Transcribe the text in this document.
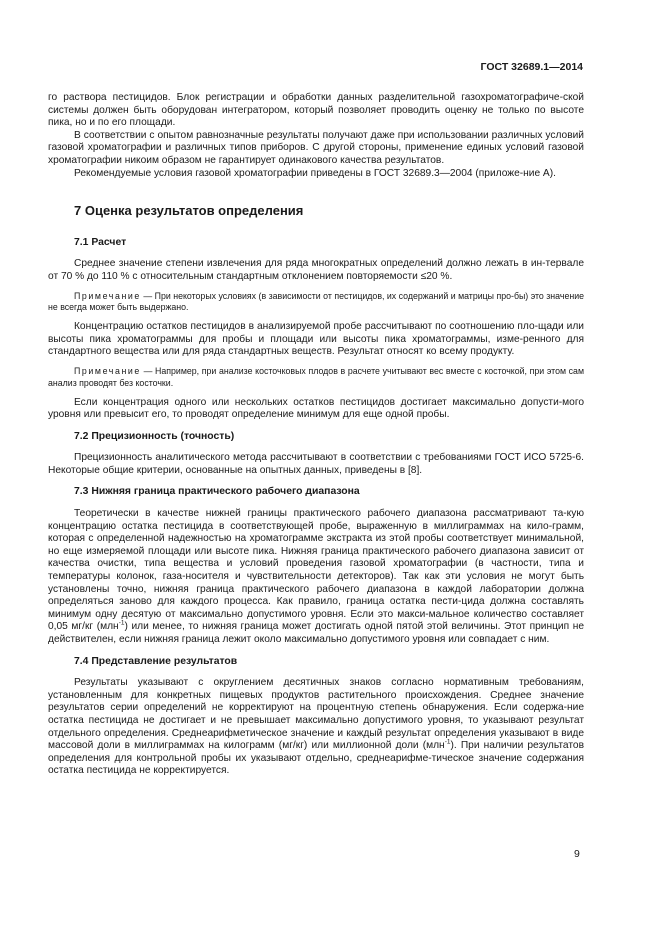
ГОСТ 32689.1—2014

го раствора пестицидов. Блок регистрации и обработки данных разделительной газохроматографиче-ской системы должен быть оборудован интегратором, который позволяет проводить оценку не только по высоте пика, но и по его площади.

В соответствии с опытом равнозначные результаты получают даже при использовании различных условий газовой хроматографии и различных типов приборов. С другой стороны, применение единых условий газовой хроматографии никоим образом не гарантирует одинакового качества результатов.

Рекомендуемые условия газовой хроматографии приведены в ГОСТ 32689.3—2004 (приложе-ние А).

7 Оценка результатов определения
7.1 Расчет

Среднее значение степени извлечения для ряда многократных определений должно лежать в ин-тервале от 70 % до 110 % с относительным стандартным отклонением повторяемости ≤20 %.

Примечание — При некоторых условиях (в зависимости от пестицидов, их содержаний и матрицы про-бы) это значение не всегда может быть выдержано.

Концентрацию остатков пестицидов в анализируемой пробе рассчитывают по соотношению пло-щади или высоты пика хроматограммы для пробы и площади или высоты пика хроматограммы, изме-ренного для стандартного вещества или для ряда стандартных веществ. Результат относят ко всему продукту.

Примечание — Например, при анализе косточковых плодов в расчете учитывают вес вместе с косточкой, при этом сам анализ проводят без косточки.

Если концентрация одного или нескольких остатков пестицидов достигает максимально допусти-мого уровня или превысит его, то проводят определение минимум для еще одной пробы.

7.2 Прецизионность (точность)

Прецизионность аналитического метода рассчитывают в соответствии с требованиями ГОСТ ИСО 5725-6. Некоторые общие критерии, основанные на опытных данных, приведены в [8].

7.3 Нижняя граница практического рабочего диапазона

Теоретически в качестве нижней границы практического рабочего диапазона рассматривают та-кую концентрацию остатка пестицида в соответствующей пробе, выраженную в миллиграммах на кило-грамм, которая с определенной надежностью на хроматограмме экстракта из этой пробы соответствует минимальной, но еще измеряемой площади или высоте пика. Нижняя граница практического рабочего диапазона зависит от качества очистки, типа вещества и условий проведения газовой хроматографии (в частности, типа и температуры колонок, газа-носителя и чувствительности детекторов). Так как эти условия не могут быть установлены точно, нижняя граница практического рабочего диапазона в каждой лаборатории должна определяться заново для каждого процесса. Как правило, граница остатка пести-цида должна составлять минимум одну десятую от максимально допустимого уровня. Если это макси-мальное количество составляет 0,05 мг/кг (млн$^{-1}$) или менее, то нижняя граница может достигать одной пятой этой величины. Этот принцип не действителен, если нижняя граница лежит около максимально допустимого уровня или совпадает с ним.

7.4 Представление результатов

Результаты указывают с округлением десятичных знаков согласно нормативным требованиям, установленным для конкретных пищевых продуктов растительного происхождения. Среднее значение результатов серии определений не корректируют на процентную степень обнаружения. Если содержа-ние остатка пестицида не достигает и не превышает максимально допустимого уровня, то указывают результат отдельного определения. Среднеарифметическое значение и каждый результат определения указывают в виде массовой доли в миллиграммах на килограмм (мг/кг) или миллионной доли (млн$^{-1}$). При наличии результатов определения для контрольной пробы их указывают отдельно, среднеарифме-тическое значение содержания остатка пестицида не корректируется.

9
